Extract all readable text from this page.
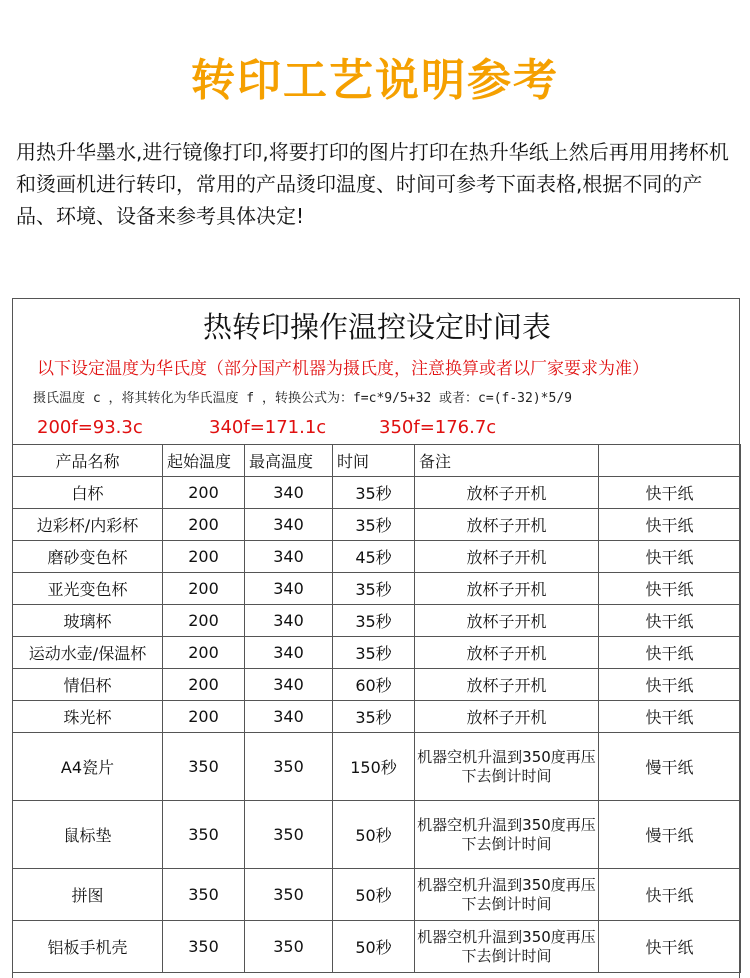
转印工艺说明参考
用热升华墨水,进行镜像打印,将要打印的图片打印在热升华纸上然后再用用拷杯机和烫画机进行转印，常用的产品烫印温度、时间可参考下面表格,根据不同的产品、环境、设备来参考具体决定!
热转印操作温控设定时间表
以下设定温度为华氏度（部分国产机器为摄氏度，注意换算或者以厂家要求为准）
摄氏温度 c ，将其转化为华氏温度 f ，转换公式为：f=c*9/5+32 或者：c=(f-32)*5/9
200f=93.3c	340f=171.1c	350f=176.7c
产品名称	起始温度	最高温度	时间	备注	
白杯	200	340	35秒	放杯子开机	快干纸
边彩杯/内彩杯	200	340	35秒	放杯子开机	快干纸
磨砂变色杯	200	340	45秒	放杯子开机	快干纸
亚光变色杯	200	340	35秒	放杯子开机	快干纸
玻璃杯	200	340	35秒	放杯子开机	快干纸
运动水壶/保温杯	200	340	35秒	放杯子开机	快干纸
情侣杯	200	340	60秒	放杯子开机	快干纸
珠光杯	200	340	35秒	放杯子开机	快干纸
A4瓷片	350	350	150秒	机器空机升温到350度再压下去倒计时间	慢干纸
鼠标垫	350	350	50秒	机器空机升温到350度再压下去倒计时间	慢干纸
拼图	350	350	50秒	机器空机升温到350度再压下去倒计时间	快干纸
铝板手机壳	350	350	50秒	机器空机升温到350度再压下去倒计时间	快干纸
